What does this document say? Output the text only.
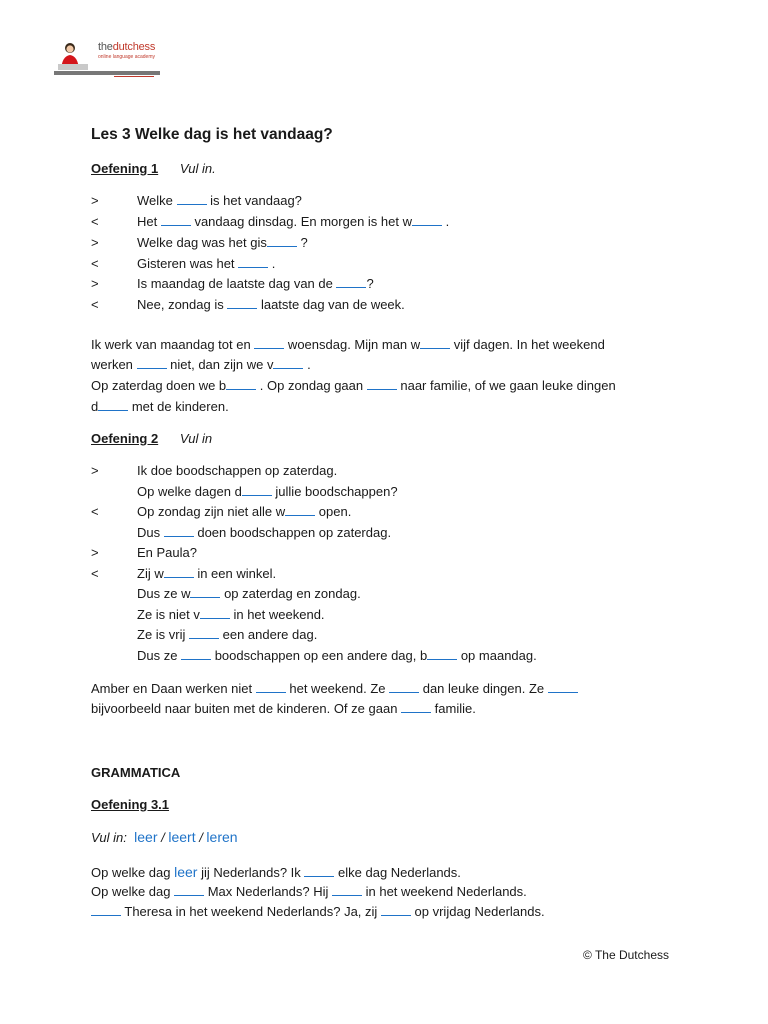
thedutchess
online language academy
Les 3 Welke dag is het vandaag?
Oefening 1 Vul in.
>	Welke  is het vandaag?
<	Het  vandaag dinsdag. En morgen is het w .
>	Welke dag was het gis ?
<	Gisteren was het  .
>	Is maandag de laatste dag van de ?
<	Nee, zondag is  laatste dag van de week.
Ik werk van maandag tot en  woensdag. Mijn man w vijf dagen. In het weekend
werken  niet, dan zijn we v .
Op zaterdag doen we b . Op zondag gaan  naar familie, of we gaan leuke dingen
d met de kinderen.
Oefening 2 Vul in
>	Ik doe boodschappen op zaterdag.
Op welke dagen d jullie boodschappen?
<	Op zondag zijn niet alle w open.
Dus  doen boodschappen op zaterdag.
>	En Paula?
<	Zij w in een winkel.
Dus ze w op zaterdag en zondag.
Ze is niet v in het weekend.
Ze is vrij  een andere dag.
Dus ze  boodschappen op een andere dag, b op maandag.
Amber en Daan werken niet  het weekend. Ze  dan leuke dingen. Ze
bijvoorbeeld naar buiten met de kinderen. Of ze gaan  familie.
GRAMMATICA
Oefening 3.1
Vul in: leer / leert / leren
Op welke dag leer jij Nederlands? Ik  elke dag Nederlands.
Op welke dag  Max Nederlands? Hij  in het weekend Nederlands.
Theresa in het weekend Nederlands? Ja, zij  op vrijdag Nederlands.
© The Dutchess
